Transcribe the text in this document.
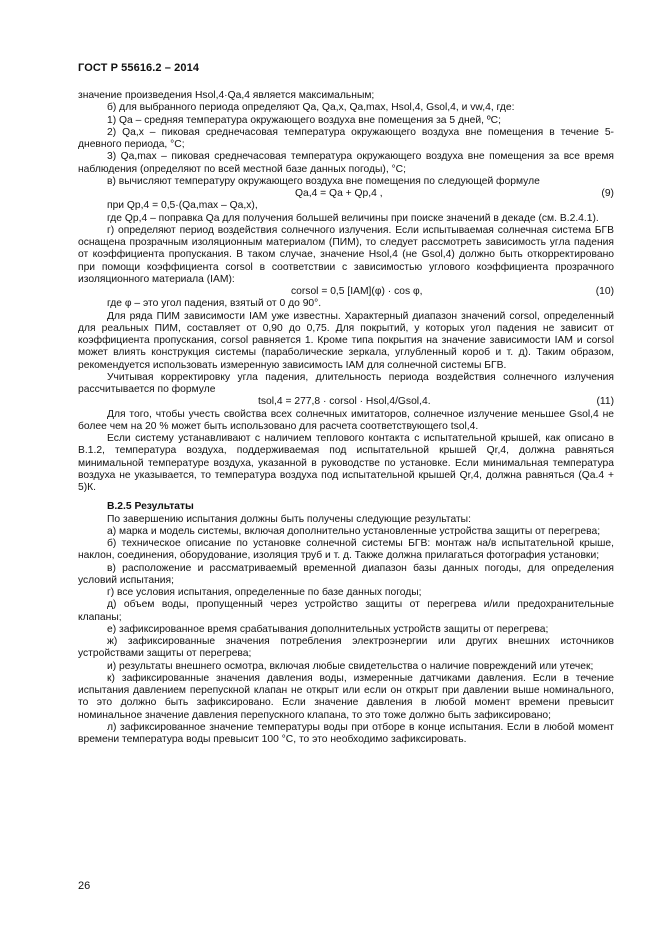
ГОСТ Р 55616.2 – 2014

значение произведения Hsol,4·Qa,4 является максимальным;

б) для выбранного периода определяют Qa, Qa,x, Qa,max, Hsol,4, Gsol,4, и vw,4, где:

1) Qa – средняя температура окружающего воздуха вне помещения за 5 дней, ºС;

2) Qa,x – пиковая среднечасовая температура окружающего воздуха вне помещения в течение 5-дневного периода, °С;

3) Qa,max – пиковая среднечасовая температура окружающего воздуха вне помещения за все время наблюдения (определяют по всей местной базе данных погоды), °С;

в) вычисляют температуру окружающего воздуха вне помещения по следующей формуле

Qa,4 = Qa + Qp,4 ,	(9)

при Qp,4 = 0,5·(Qa,max – Qa,x),

где Qp,4 – поправка Qa для получения большей величины при поиске значений в декаде (см. В.2.4.1).

г) определяют период воздействия солнечного излучения. Если испытываемая солнечная система БГВ оснащена прозрачным изоляционным материалом (ПИМ), то следует рассмотреть зависимость угла падения от коэффициента пропускания. В таком случае, значение Hsol,4 (не Gsol,4) должно быть откорректировано при помощи коэффициента corsol в соответствии с зависимостью углового коэффициента прозрачного изоляционного материала (IAM):

corsol = 0,5 [IAM](φ) · cos φ,	(10)

где φ – это угол падения, взятый от 0 до 90°.

Для ряда ПИМ зависимости IAM уже известны. Характерный диапазон значений corsol, определенный для реальных ПИМ, составляет от 0,90 до 0,75. Для покрытий, у которых угол падения не зависит от коэффициента пропускания, corsol равняется 1. Кроме типа покрытия на значение зависимости IAM и corsol может влиять конструкция системы (параболические зеркала, углубленный короб и т. д). Таким образом, рекомендуется использовать измеренную зависимость IAM для солнечной системы БГВ.

Учитывая корректировку угла падения, длительность периода воздействия солнечного излучения рассчитывается по формуле

tsol,4 = 277,8 · corsol · Hsol,4/Gsol,4.	(11)

Для того, чтобы учесть свойства всех солнечных имитаторов, солнечное излучение меньшее Gsol,4 не более чем на 20 % может быть использовано для расчета соответствующего tsol,4.

Если систему устанавливают с наличием теплового контакта с испытательной крышей, как описано в В.1.2, температура воздуха, поддерживаемая под испытательной крышей Qr,4, должна равняться минимальной температуре воздуха, указанной в руководстве по установке. Если минимальная температура воздуха не указывается, то температура воздуха под испытательной крышей Qr,4, должна равняться (Qa.4 + 5)К.

В.2.5 Результаты

По завершению испытания должны быть получены следующие результаты:

а) марка и модель системы, включая дополнительно установленные устройства защиты от перегрева;

б) техническое описание по установке солнечной системы БГВ: монтаж на/в испытательной крыше, наклон, соединения, оборудование, изоляция труб и т. д. Также должна прилагаться фотография установки;

в) расположение и рассматриваемый временной диапазон базы данных погоды, для определения условий испытания;

г) все условия испытания, определенные по базе данных погоды;

д) объем воды, пропущенный через устройство защиты от перегрева и/или предохранительные клапаны;

е) зафиксированное время срабатывания дополнительных устройств защиты от перегрева;

ж) зафиксированные значения потребления электроэнергии или других внешних источников устройствами защиты от перегрева;

и) результаты внешнего осмотра, включая любые свидетельства о наличие повреждений или утечек;

к) зафиксированные значения давления воды, измеренные датчиками давления. Если в течение испытания давлением перепускной клапан не открыт или если он открыт при давлении выше номинального, то это должно быть зафиксировано. Если значение давления в любой момент времени превысит номинальное значение давления перепускного клапана, то это тоже должно быть зафиксировано;

л) зафиксированное значение температуры воды при отборе в конце испытания. Если в любой момент времени температура воды превысит 100 °С, то это необходимо зафиксировать.

26
